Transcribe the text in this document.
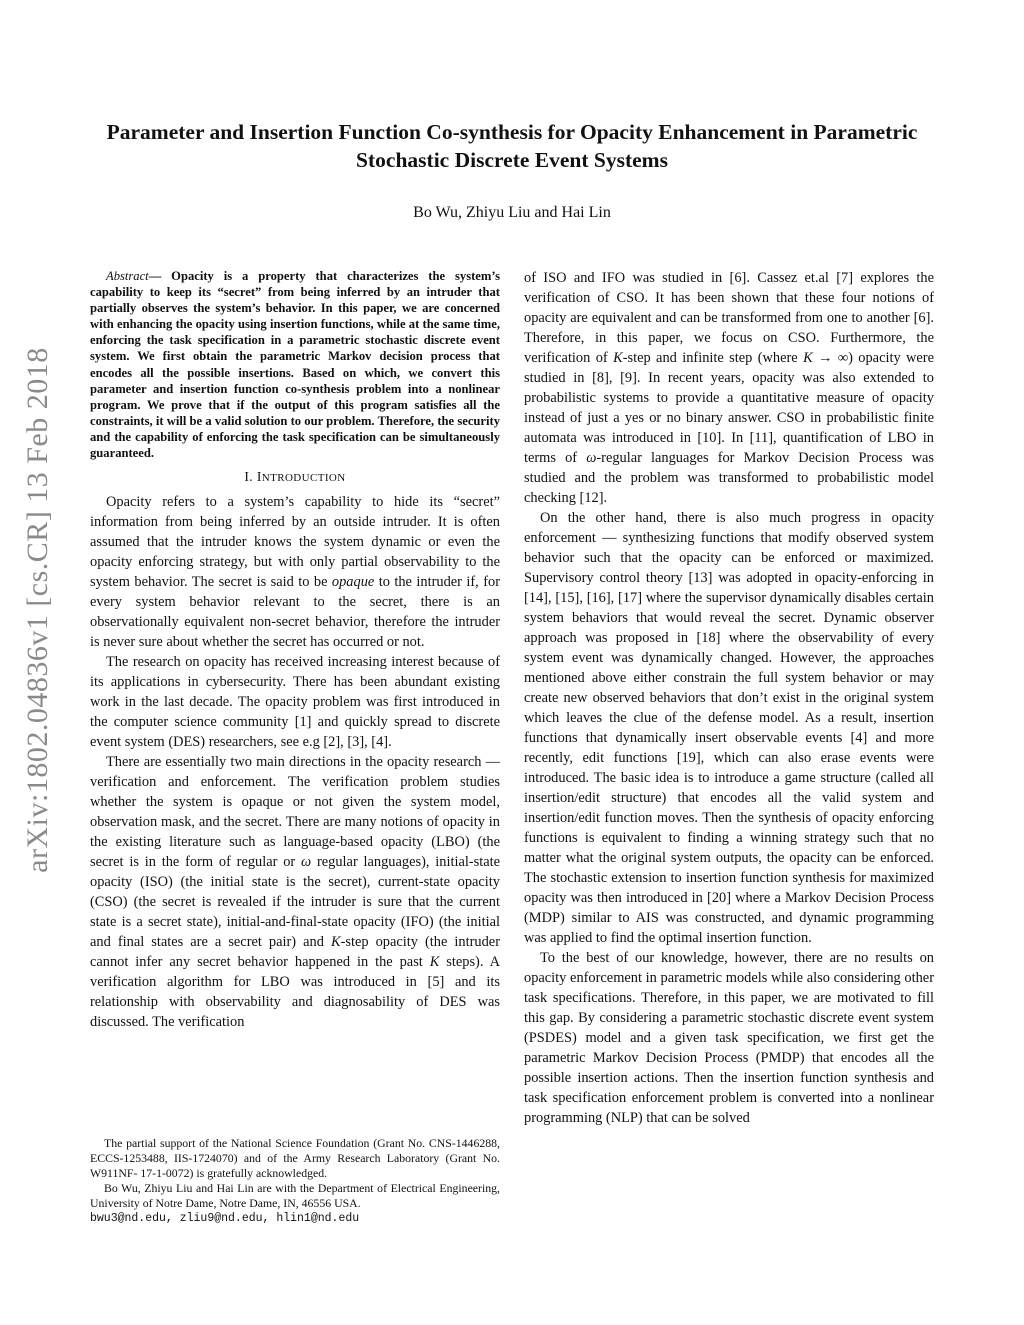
arXiv:1802.04836v1 [cs.CR] 13 Feb 2018
Parameter and Insertion Function Co-synthesis for Opacity Enhancement in Parametric Stochastic Discrete Event Systems
Bo Wu, Zhiyu Liu and Hai Lin

Abstract— Opacity is a property that characterizes the system’s capability to keep its “secret” from being inferred by an intruder that partially observes the system’s behavior. In this paper, we are concerned with enhancing the opacity using insertion functions, while at the same time, enforcing the task specification in a parametric stochastic discrete event system. We first obtain the parametric Markov decision process that encodes all the possible insertions. Based on which, we convert this parameter and insertion function co-synthesis problem into a nonlinear program. We prove that if the output of this program satisfies all the constraints, it will be a valid solution to our problem. Therefore, the security and the capability of enforcing the task specification can be simultaneously guaranteed.

I. INTRODUCTION

Opacity refers to a system’s capability to hide its “secret” information from being inferred by an outside intruder. It is often assumed that the intruder knows the system dynamic or even the opacity enforcing strategy, but with only partial observability to the system behavior. The secret is said to be opaque to the intruder if, for every system behavior relevant to the secret, there is an observationally equivalent non-secret behavior, therefore the intruder is never sure about whether the secret has occurred or not.

The research on opacity has received increasing interest because of its applications in cybersecurity. There has been abundant existing work in the last decade. The opacity problem was first introduced in the computer science community [1] and quickly spread to discrete event system (DES) researchers, see e.g [2], [3], [4].

There are essentially two main directions in the opacity research — verification and enforcement. The verification problem studies whether the system is opaque or not given the system model, observation mask, and the secret. There are many notions of opacity in the existing literature such as language-based opacity (LBO) (the secret is in the form of regular or ω regular languages), initial-state opacity (ISO) (the initial state is the secret), current-state opacity (CSO) (the secret is revealed if the intruder is sure that the current state is a secret state), initial-and-final-state opacity (IFO) (the initial and final states are a secret pair) and K-step opacity (the intruder cannot infer any secret behavior happened in the past K steps). A verification algorithm for LBO was introduced in [5] and its relationship with observability and diagnosability of DES was discussed. The verification

The partial support of the National Science Foundation (Grant No. CNS-1446288, ECCS-1253488, IIS-1724070) and of the Army Research Laboratory (Grant No. W911NF- 17-1-0072) is gratefully acknowledged.

Bo Wu, Zhiyu Liu and Hai Lin are with the Department of Electrical Engineering, University of Notre Dame, Notre Dame, IN, 46556 USA.

bwu3@nd.edu, zliu9@nd.edu, hlin1@nd.edu

of ISO and IFO was studied in [6]. Cassez et.al [7] explores the verification of CSO. It has been shown that these four notions of opacity are equivalent and can be transformed from one to another [6]. Therefore, in this paper, we focus on CSO. Furthermore, the verification of K-step and infinite step (where K → ∞) opacity were studied in [8], [9]. In recent years, opacity was also extended to probabilistic systems to provide a quantitative measure of opacity instead of just a yes or no binary answer. CSO in probabilistic finite automata was introduced in [10]. In [11], quantification of LBO in terms of ω-regular languages for Markov Decision Process was studied and the problem was transformed to probabilistic model checking [12].

On the other hand, there is also much progress in opacity enforcement — synthesizing functions that modify observed system behavior such that the opacity can be enforced or maximized. Supervisory control theory [13] was adopted in opacity-enforcing in [14], [15], [16], [17] where the supervisor dynamically disables certain system behaviors that would reveal the secret. Dynamic observer approach was proposed in [18] where the observability of every system event was dynamically changed. However, the approaches mentioned above either constrain the full system behavior or may create new observed behaviors that don’t exist in the original system which leaves the clue of the defense model. As a result, insertion functions that dynamically insert observable events [4] and more recently, edit functions [19], which can also erase events were introduced. The basic idea is to introduce a game structure (called all insertion/edit structure) that encodes all the valid system and insertion/edit function moves. Then the synthesis of opacity enforcing functions is equivalent to finding a winning strategy such that no matter what the original system outputs, the opacity can be enforced. The stochastic extension to insertion function synthesis for maximized opacity was then introduced in [20] where a Markov Decision Process (MDP) similar to AIS was constructed, and dynamic programming was applied to find the optimal insertion function.

To the best of our knowledge, however, there are no results on opacity enforcement in parametric models while also considering other task specifications. Therefore, in this paper, we are motivated to fill this gap. By considering a parametric stochastic discrete event system (PSDES) model and a given task specification, we first get the parametric Markov Decision Process (PMDP) that encodes all the possible insertion actions. Then the insertion function synthesis and task specification enforcement problem is converted into a nonlinear programming (NLP) that can be solved
